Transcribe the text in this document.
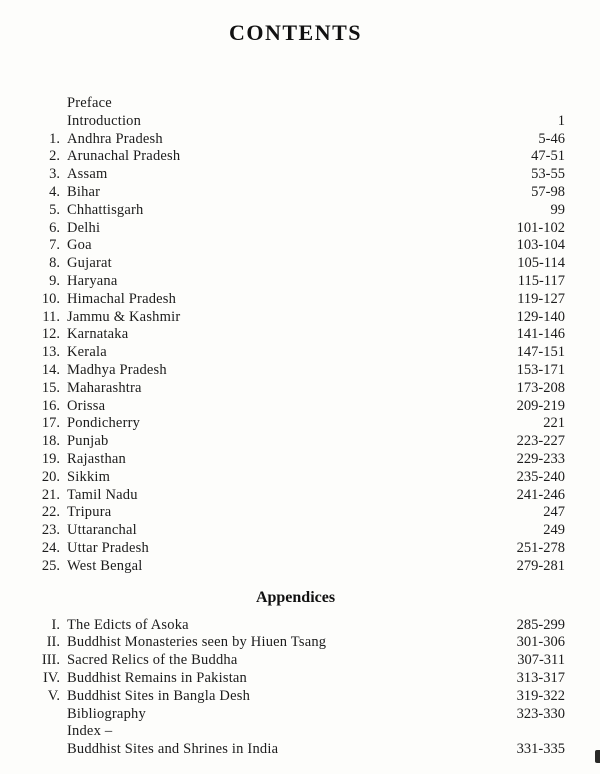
CONTENTS
Preface
Introduction	1
1. Andhra Pradesh	5-46
2. Arunachal Pradesh	47-51
3. Assam	53-55
4. Bihar	57-98
5. Chhattisgarh	99
6. Delhi	101-102
7. Goa	103-104
8. Gujarat	105-114
9. Haryana	115-117
10. Himachal Pradesh	119-127
11. Jammu & Kashmir	129-140
12. Karnataka	141-146
13. Kerala	147-151
14. Madhya Pradesh	153-171
15. Maharashtra	173-208
16. Orissa	209-219
17. Pondicherry	221
18. Punjab	223-227
19. Rajasthan	229-233
20. Sikkim	235-240
21. Tamil Nadu	241-246
22. Tripura	247
23. Uttaranchal	249
24. Uttar Pradesh	251-278
25. West Bengal	279-281
Appendices
I. The Edicts of Asoka	285-299
II. Buddhist Monasteries seen by Hiuen Tsang	301-306
III. Sacred Relics of the Buddha	307-311
IV. Buddhist Remains in Pakistan	313-317
V. Buddhist Sites in Bangla Desh	319-322
Bibliography	323-330
Index –
Buddhist Sites and Shrines in India	331-335
